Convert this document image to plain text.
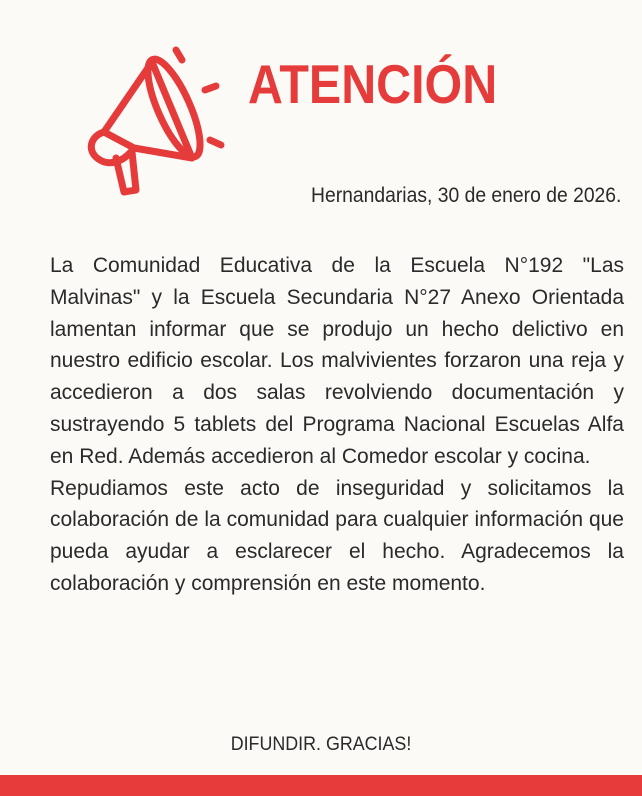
ATENCIÓN
Hernandarias, 30 de enero de 2026.

La Comunidad Educativa de la Escuela N°192 "Las Malvinas" y la Escuela Secundaria N°27 Anexo Orientada lamentan informar que se produjo un hecho delictivo en nuestro edificio escolar. Los malvivientes forzaron una reja y accedieron a dos salas revolviendo documentación y sustrayendo 5 tablets del Programa Nacional Escuelas Alfa en Red. Además accedieron al Comedor escolar y cocina.

Repudiamos este acto de inseguridad y solicitamos la colaboración de la comunidad para cualquier información que pueda ayudar a esclarecer el hecho. Agradecemos la colaboración y comprensión en este momento.

DIFUNDIR. GRACIAS!
